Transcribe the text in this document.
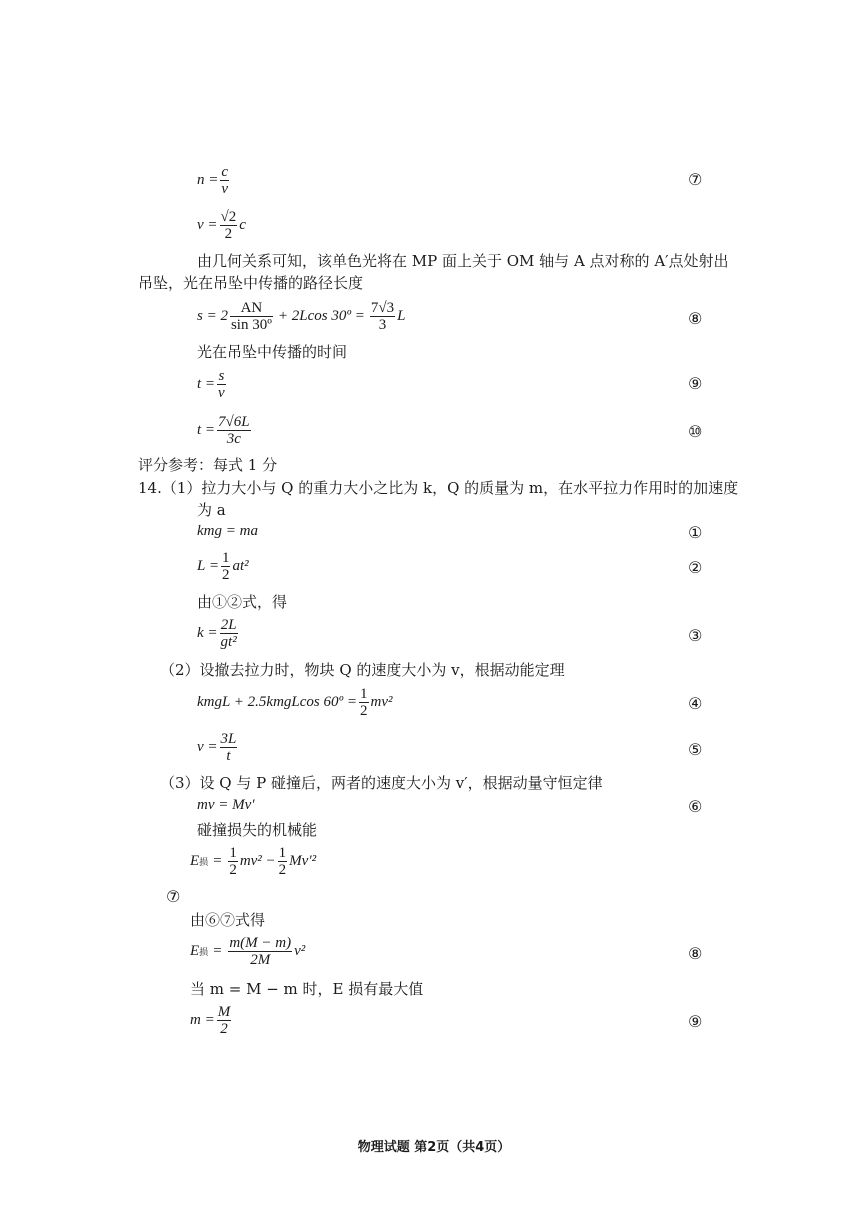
$n = \frac{c}{v}$	⑦
$v = \frac{√2}{2}$ c
由几何关系可知，该单色光将在 MP 面上关于 OM 轴与 A 点对称的 A′点处射出
吊坠，光在吊坠中传播的路径长度
$s = 2 \frac{AN}{\text{sin 30º}} + 2Lcos$ 30º = $\frac{7√3}{3}$ L	⑧
光在吊坠中传播的时间
$t = \frac{s}{v}$	⑨
$t = \frac{7√6L}{3c}$	⑩
评分参考：每式 1 分
14.（1）拉力大小与 Q 的重力大小之比为 k，Q 的质量为 m，在水平拉力作用时的加速度
为 a
kmg = ma	①
$L = \frac{1}{2} at^2$	②
由①②式，得
$k = \frac{2L}{\text{gt²}}$	③
（2）设撤去拉力时，物块 Q 的速度大小为 v，根据动能定理
kmgL + 2.5kmgLcos 60º = $\frac{1}{2} mv^2$	④
$v = \frac{3L}{t}$	⑤
（3）设 Q 与 P 碰撞后，两者的速度大小为 v′，根据动量守恒定律
mv = Mv′	⑥
碰撞损失的机械能
E 损 = $\frac{1}{2} mv^2 - \frac{1}{2} Mv'^2$
⑦
由⑥⑦式得
E 损 = $\frac{m(M - m)}{2M} v^2$	⑧
当 m = M − m 时，E 损有最大值
$m = \frac{M}{2}$	⑨
物理试题 第2页（共4页）
